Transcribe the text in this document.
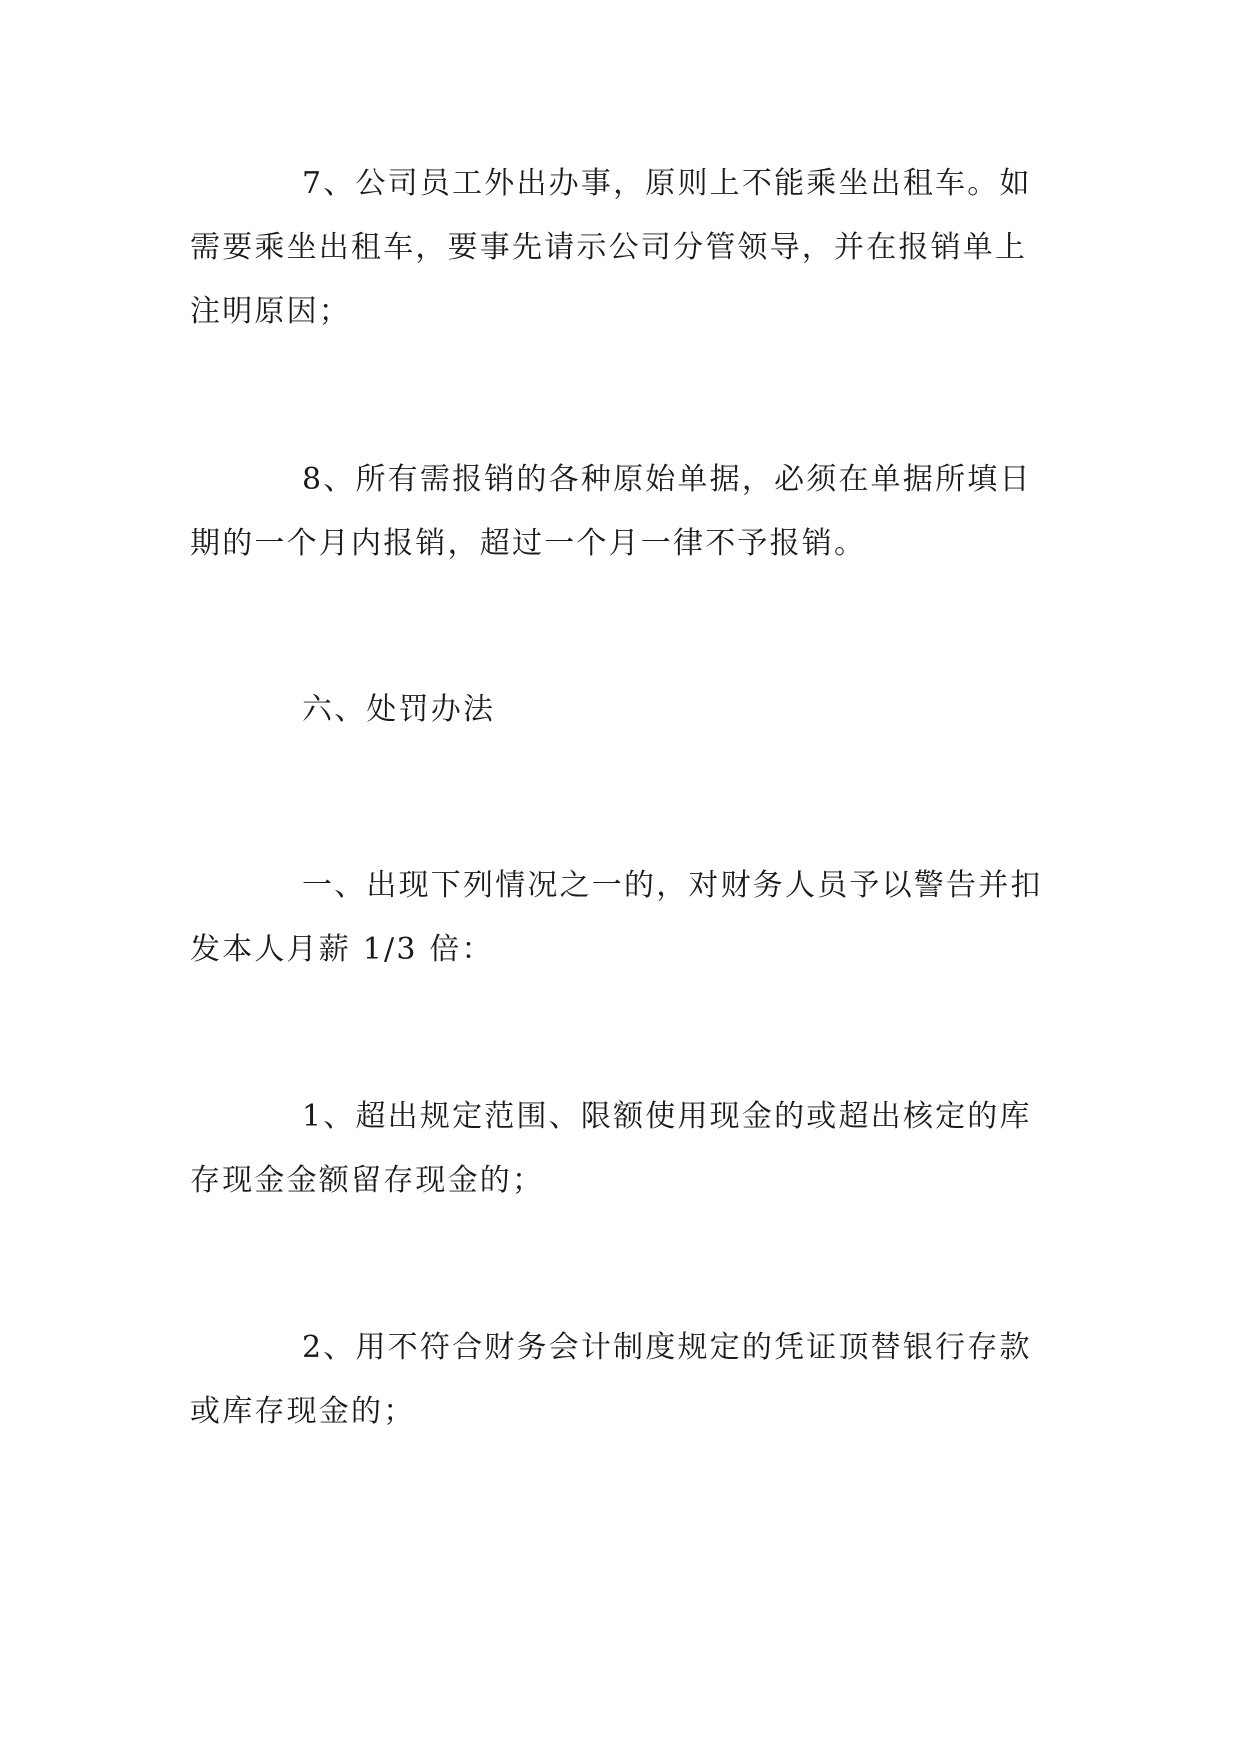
7、公司员工外出办事，原则上不能乘坐出租车。如需要乘坐出租车，要事先请示公司分管领导，并在报销单上注明原因；

8、所有需报销的各种原始单据，必须在单据所填日期的一个月内报销，超过一个月一律不予报销。

六、处罚办法

一、出现下列情况之一的，对财务人员予以警告并扣发本人月薪 1/3 倍：

1、超出规定范围、限额使用现金的或超出核定的库存现金金额留存现金的；

2、用不符合财务会计制度规定的凭证顶替银行存款或库存现金的；
